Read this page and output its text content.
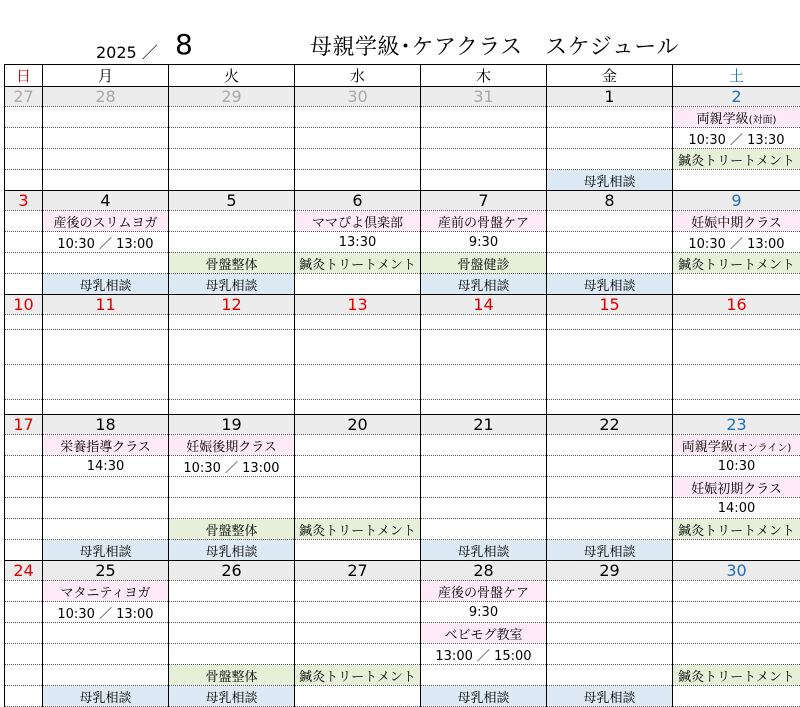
2025 ／ 8	母親学級･ケアクラス　スケジュール
日	月	火	水	木	金	土
27	28	29	30	31	1	2
						両親学級(対面)
						10:30 ／ 13:30
						鍼灸トリートメント
					母乳相談	
3	4	5	6	7	8	9
	産後のスリムヨガ		ママぴよ倶楽部	産前の骨盤ケア		妊娠中期クラス
	10:30 ／ 13:00		13:30	9:30		10:30 ／ 13:00
		骨盤整体	鍼灸トリートメント	骨盤健診		鍼灸トリートメント
	母乳相談	母乳相談		母乳相談	母乳相談	
10	11	12	13	14	15	16

17	18	19	20	21	22	23
	栄養指導クラス	妊娠後期クラス				両親学級(オンライン)
	14:30	10:30 ／ 13:00				10:30
						妊娠初期クラス
						14:00
		骨盤整体	鍼灸トリートメント			鍼灸トリートメント
	母乳相談	母乳相談		母乳相談	母乳相談	
24	25	26	27	28	29	30
	マタニティヨガ			産後の骨盤ケア		
	10:30 ／ 13:00			9:30		
				ベビモグ教室		
				13:00 ／ 15:00		
		骨盤整体	鍼灸トリートメント			鍼灸トリートメント
	母乳相談	母乳相談		母乳相談	母乳相談	
